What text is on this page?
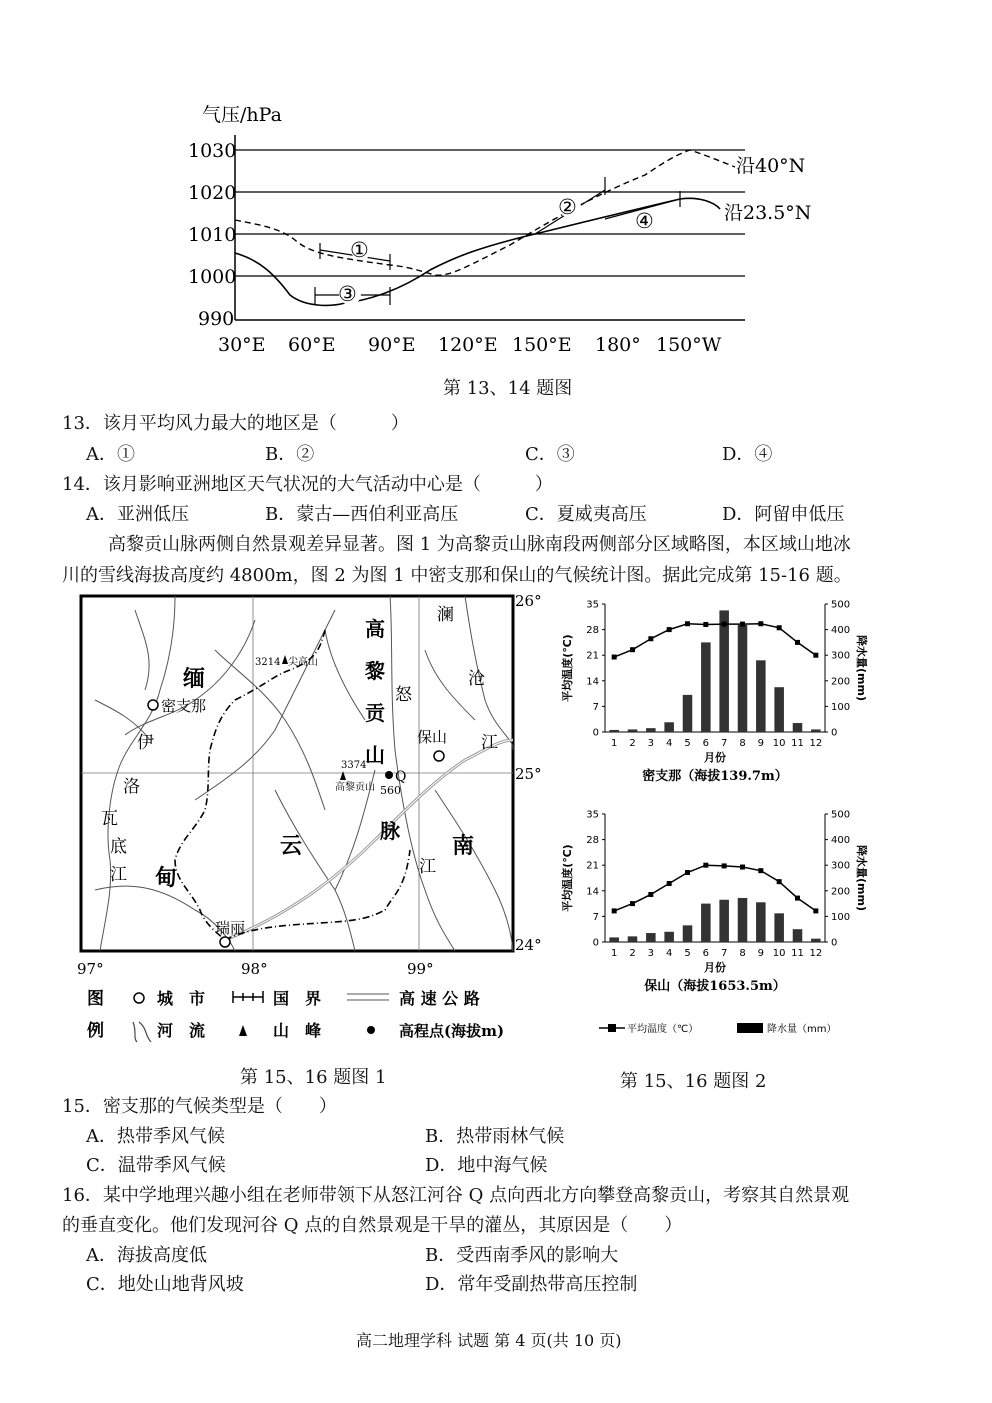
气压/hPa
1030
1020
1010
1000
990
30°E 60°E 90°E 120°E 150°E 180° 150°W
沿40°N
沿23.5°N
①
③
②
④
第 13、14 题图
13．该月平均风力最大的地区是（　　　）
A．①	B．②	C．③	D．④
14．该月影响亚洲地区天气状况的大气活动中心是（　　　）
A．亚洲低压	B．蒙古—西伯利亚高压	C．夏威夷高压	D．阿留申低压
高黎贡山脉两侧自然景观差异显著。图 1 为高黎贡山脉南段两侧部分区域略图，本区域山地冰
川的雪线海拔高度约 4800m，图 2 为图 1 中密支那和保山的气候统计图。据此完成第 15-16 题。
缅
甸
云	南
高
黎
贡
山
脉
怒
江
澜
沧
江
伊
洛
瓦
底
江
密支那
保山
瑞丽
3214 尖高山
3374
高黎贡山
Q
560
26°
25°
24°
97°	98°	99°
图
例
城　市	国　界	高 速 公 路
河　流	山　峰	高程点(海拔m)
第 15、16 题图 1
0	0
7	100
14	200
21	300
28	400
35	500
1 2 3 4 5 6 7 8 9 10 11 12
平均温度(℃)	降水量(mm)
月份
密支那（海拔139.7m）
0	0
7	100
14	200
21	300
28	400
35	500
1 2 3 4 5 6 7 8 9 10 11 12
平均温度(℃)	降水量(mm)
月份
保山（海拔1653.5m）
平均温度（℃）	降水量（mm）
第 15、16 题图 2
15．密支那的气候类型是（　　）
A．热带季风气候	B．热带雨林气候
C．温带季风气候	D．地中海气候
16．某中学地理兴趣小组在老师带领下从怒江河谷 Q 点向西北方向攀登高黎贡山，考察其自然景观
的垂直变化。他们发现河谷 Q 点的自然景观是干旱的灌丛，其原因是（　　）
A．海拔高度低	B．受西南季风的影响大
C．地处山地背风坡	D．常年受副热带高压控制
高二地理学科 试题 第 4 页(共 10 页)
